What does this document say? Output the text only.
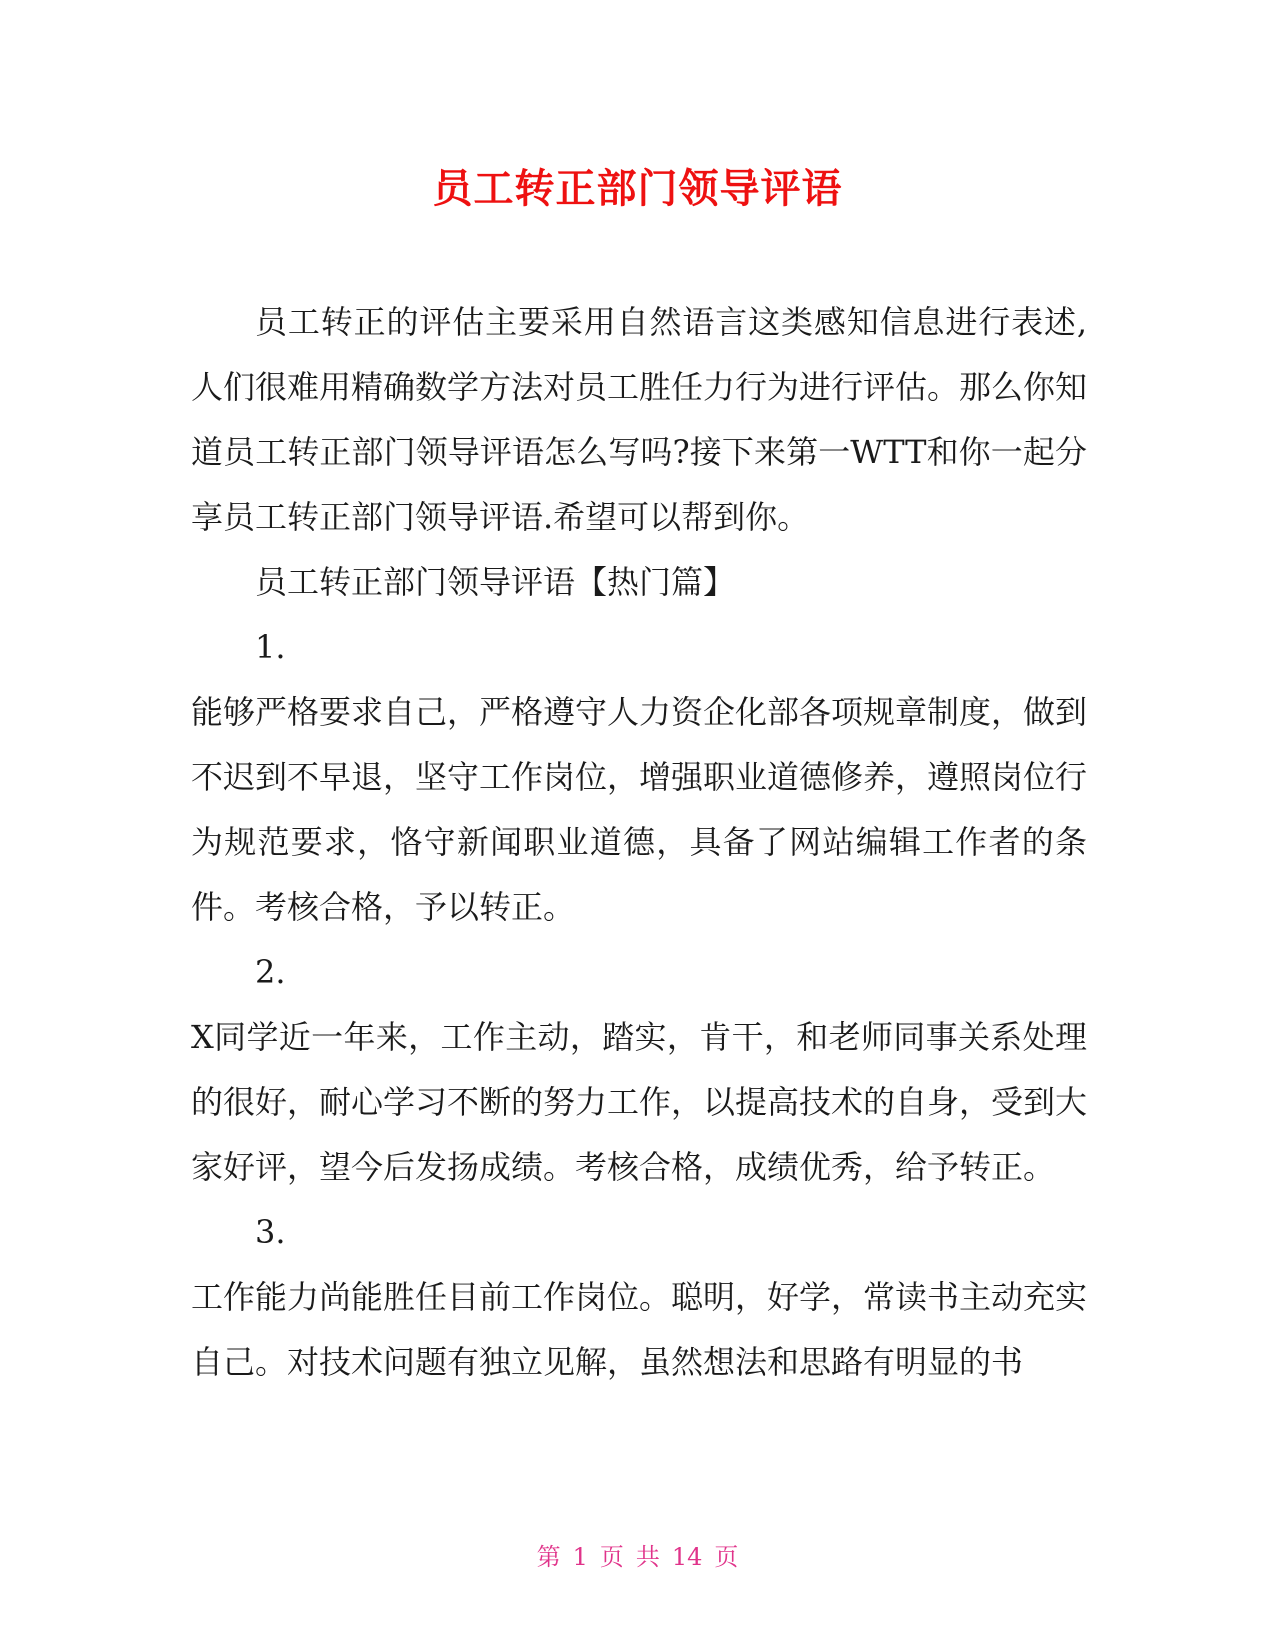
员工转正部门领导评语

员工转正的评估主要采用自然语言这类感知信息进行表述,人们很难用精确数学方法对员工胜任力行为进行评估。那么你知道员工转正部门领导评语怎么写吗?接下来第一WTT和你一起分享员工转正部门领导评语.希望可以帮到你。

员工转正部门领导评语【热门篇】

1.

能够严格要求自己，严格遵守人力资企化部各项规章制度，做到不迟到不早退，坚守工作岗位，增强职业道德修养，遵照岗位行为规范要求，恪守新闻职业道德，具备了网站编辑工作者的条件。考核合格，予以转正。

2.

X同学近一年来，工作主动，踏实，肯干，和老师同事关系处理的很好，耐心学习不断的努力工作，以提高技术的自身，受到大家好评，望今后发扬成绩。考核合格，成绩优秀，给予转正。

3.

工作能力尚能胜任目前工作岗位。聪明，好学，常读书主动充实自己。对技术问题有独立见解，虽然想法和思路有明显的书

第 1 页 共 14 页
